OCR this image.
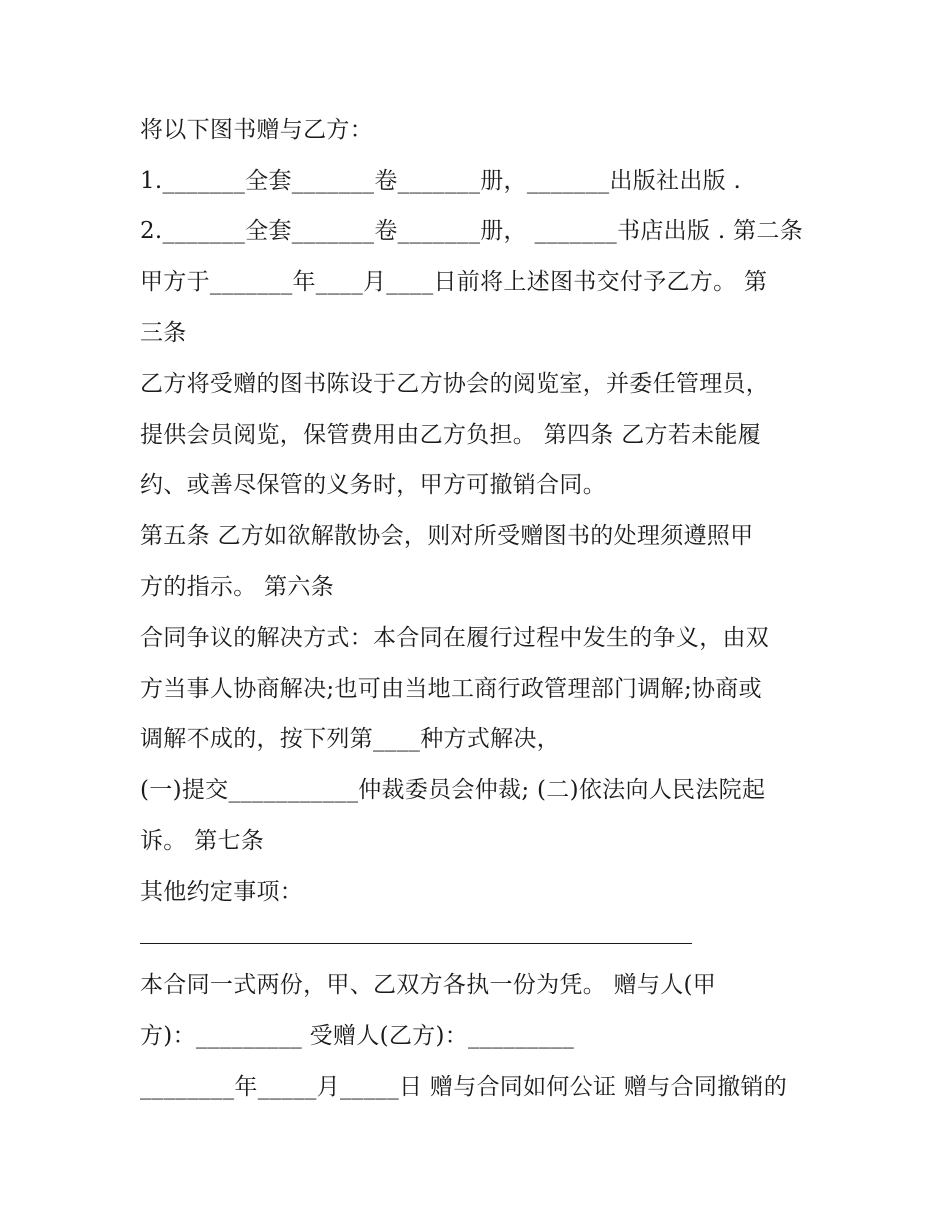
将以下图书赠与乙方：
1._______全套_______卷_______册，_______出版社出版 .
2._______全套_______卷_______册， _______书店出版 . 第二条
甲方于_______年____月____日前将上述图书交付予乙方。 第
三条
乙方将受赠的图书陈设于乙方协会的阅览室，并委任管理员，
提供会员阅览，保管费用由乙方负担。 第四条 乙方若未能履
约、或善尽保管的义务时，甲方可撤销合同。
第五条 乙方如欲解散协会，则对所受赠图书的处理须遵照甲
方的指示。 第六条
合同争议的解决方式：本合同在履行过程中发生的争义，由双
方当事人协商解决;也可由当地工商行政管理部门调解;协商或
调解不成的，按下列第____种方式解决，
(一)提交___________仲裁委员会仲裁; (二)依法向人民法院起
诉。 第七条
其他约定事项：
本合同一式两份，甲、乙双方各执一份为凭。 赠与人(甲
方)：_________ 受赠人(乙方)：_________
________年_____月_____日 赠与合同如何公证 赠与合同撤销的
